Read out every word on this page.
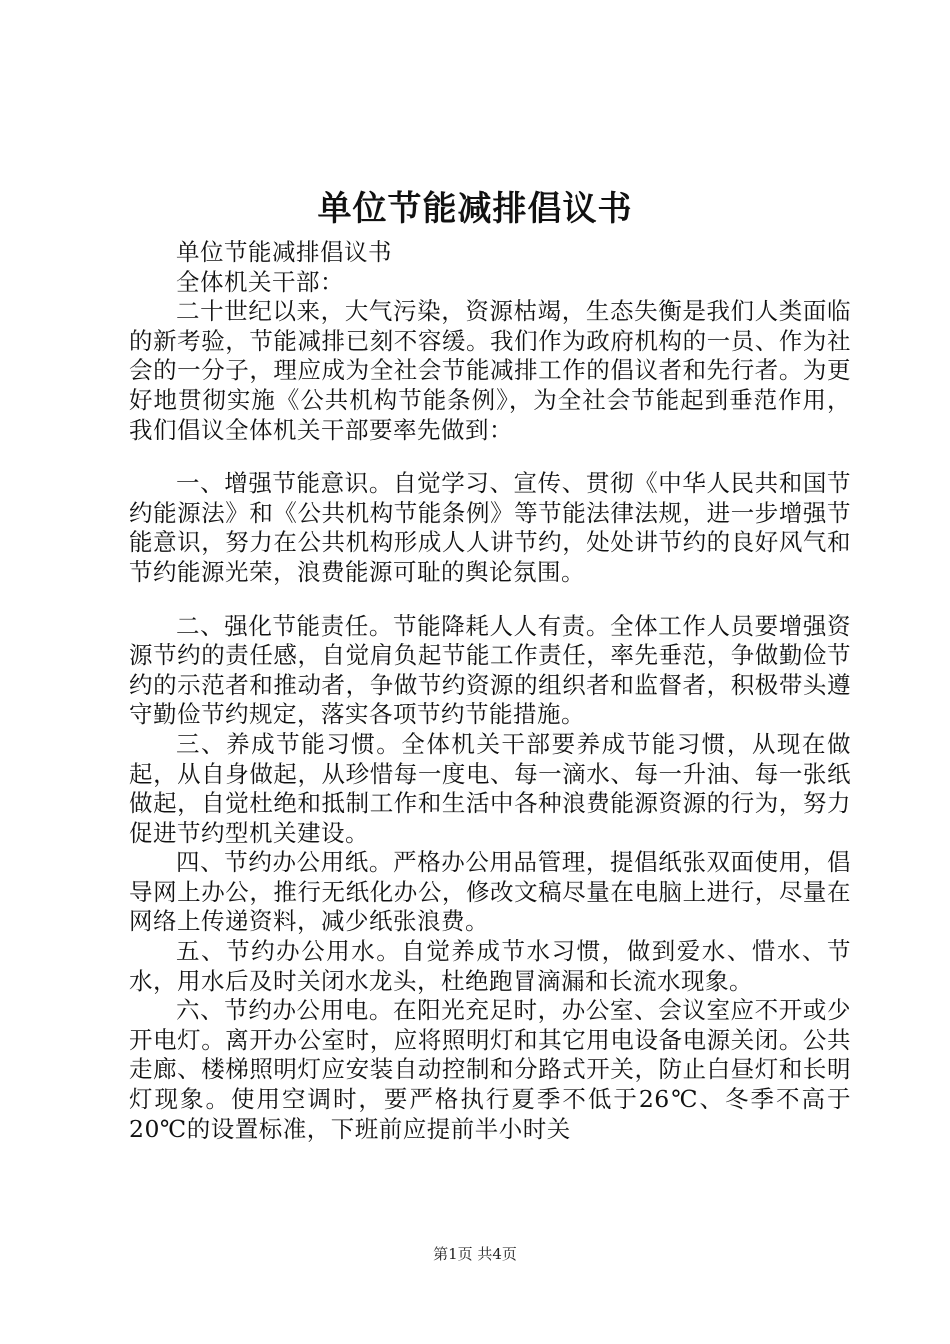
单位节能减排倡议书

单位节能减排倡议书

全体机关干部：

二十世纪以来，大气污染，资源枯竭，生态失衡是我们人类面临的新考验，节能减排已刻不容缓。我们作为政府机构的一员、作为社会的一分子，理应成为全社会节能减排工作的倡议者和先行者。为更好地贯彻实施《公共机构节能条例》，为全社会节能起到垂范作用，我们倡议全体机关干部要率先做到：

一、增强节能意识。自觉学习、宣传、贯彻《中华人民共和国节约能源法》和《公共机构节能条例》等节能法律法规，进一步增强节能意识，努力在公共机构形成人人讲节约，处处讲节约的良好风气和节约能源光荣，浪费能源可耻的舆论氛围。

二、强化节能责任。节能降耗人人有责。全体工作人员要增强资源节约的责任感，自觉肩负起节能工作责任，率先垂范，争做勤俭节约的示范者和推动者，争做节约资源的组织者和监督者，积极带头遵守勤俭节约规定，落实各项节约节能措施。

三、养成节能习惯。全体机关干部要养成节能习惯，从现在做起，从自身做起，从珍惜每一度电、每一滴水、每一升油、每一张纸做起，自觉杜绝和抵制工作和生活中各种浪费能源资源的行为，努力促进节约型机关建设。

四、节约办公用纸。严格办公用品管理，提倡纸张双面使用，倡导网上办公，推行无纸化办公，修改文稿尽量在电脑上进行，尽量在网络上传递资料，减少纸张浪费。

五、节约办公用水。自觉养成节水习惯，做到爱水、惜水、节水，用水后及时关闭水龙头，杜绝跑冒滴漏和长流水现象。

六、节约办公用电。在阳光充足时，办公室、会议室应不开或少开电灯。离开办公室时，应将照明灯和其它用电设备电源关闭。公共走廊、楼梯照明灯应安装自动控制和分路式开关，防止白昼灯和长明灯现象。使用空调时，要严格执行夏季不低于26℃、冬季不高于20℃的设置标准，下班前应提前半小时关

第1页 共4页
